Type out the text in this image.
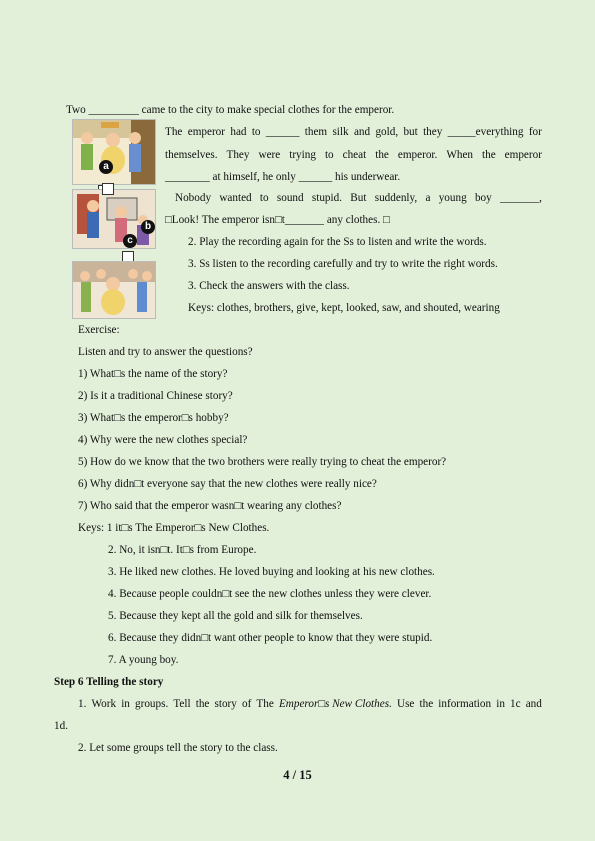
Two _________ came to the city to make special clothes for the emperor.
a
b
c
The emperor had to ______ them silk and gold, but they _____everything for
themselves. They were trying to cheat the emperor. When the emperor
________ at himself, he only ______ his underwear.
Nobody wanted to sound stupid. But suddenly, a young boy _______,
□Look! The emperor isn□t_______ any clothes. □
2. Play the recording again for the Ss to listen and write the words.
3. Ss listen to the recording carefully and try to write the right words.
3. Check the answers with the class.
Keys: clothes, brothers, give, kept, looked, saw, and shouted, wearing
Exercise:
Listen and try to answer the questions?
1) What□s the name of the story?
2) Is it a traditional Chinese story?
3) What□s the emperor□s hobby?
4) Why were the new clothes special?
5) How do we know that the two brothers were really trying to cheat the emperor?
6) Why didn□t everyone say that the new clothes were really nice?
7) Who said that the emperor wasn□t wearing any clothes?
Keys: 1 it□s The Emperor□s New Clothes.
2. No, it isn□t. It□s from Europe.
3. He liked new clothes. He loved buying and looking at his new clothes.
4. Because people couldn□t see the new clothes unless they were clever.
5. Because they kept all the gold and silk for themselves.
6. Because they didn□t want other people to know that they were stupid.
7. A young boy.
Step 6 Telling the story
1. Work in groups. Tell the story of The Emperor□s New Clothes. Use the information in 1c and
1d.
2. Let some groups tell the story to the class.
4 / 15
